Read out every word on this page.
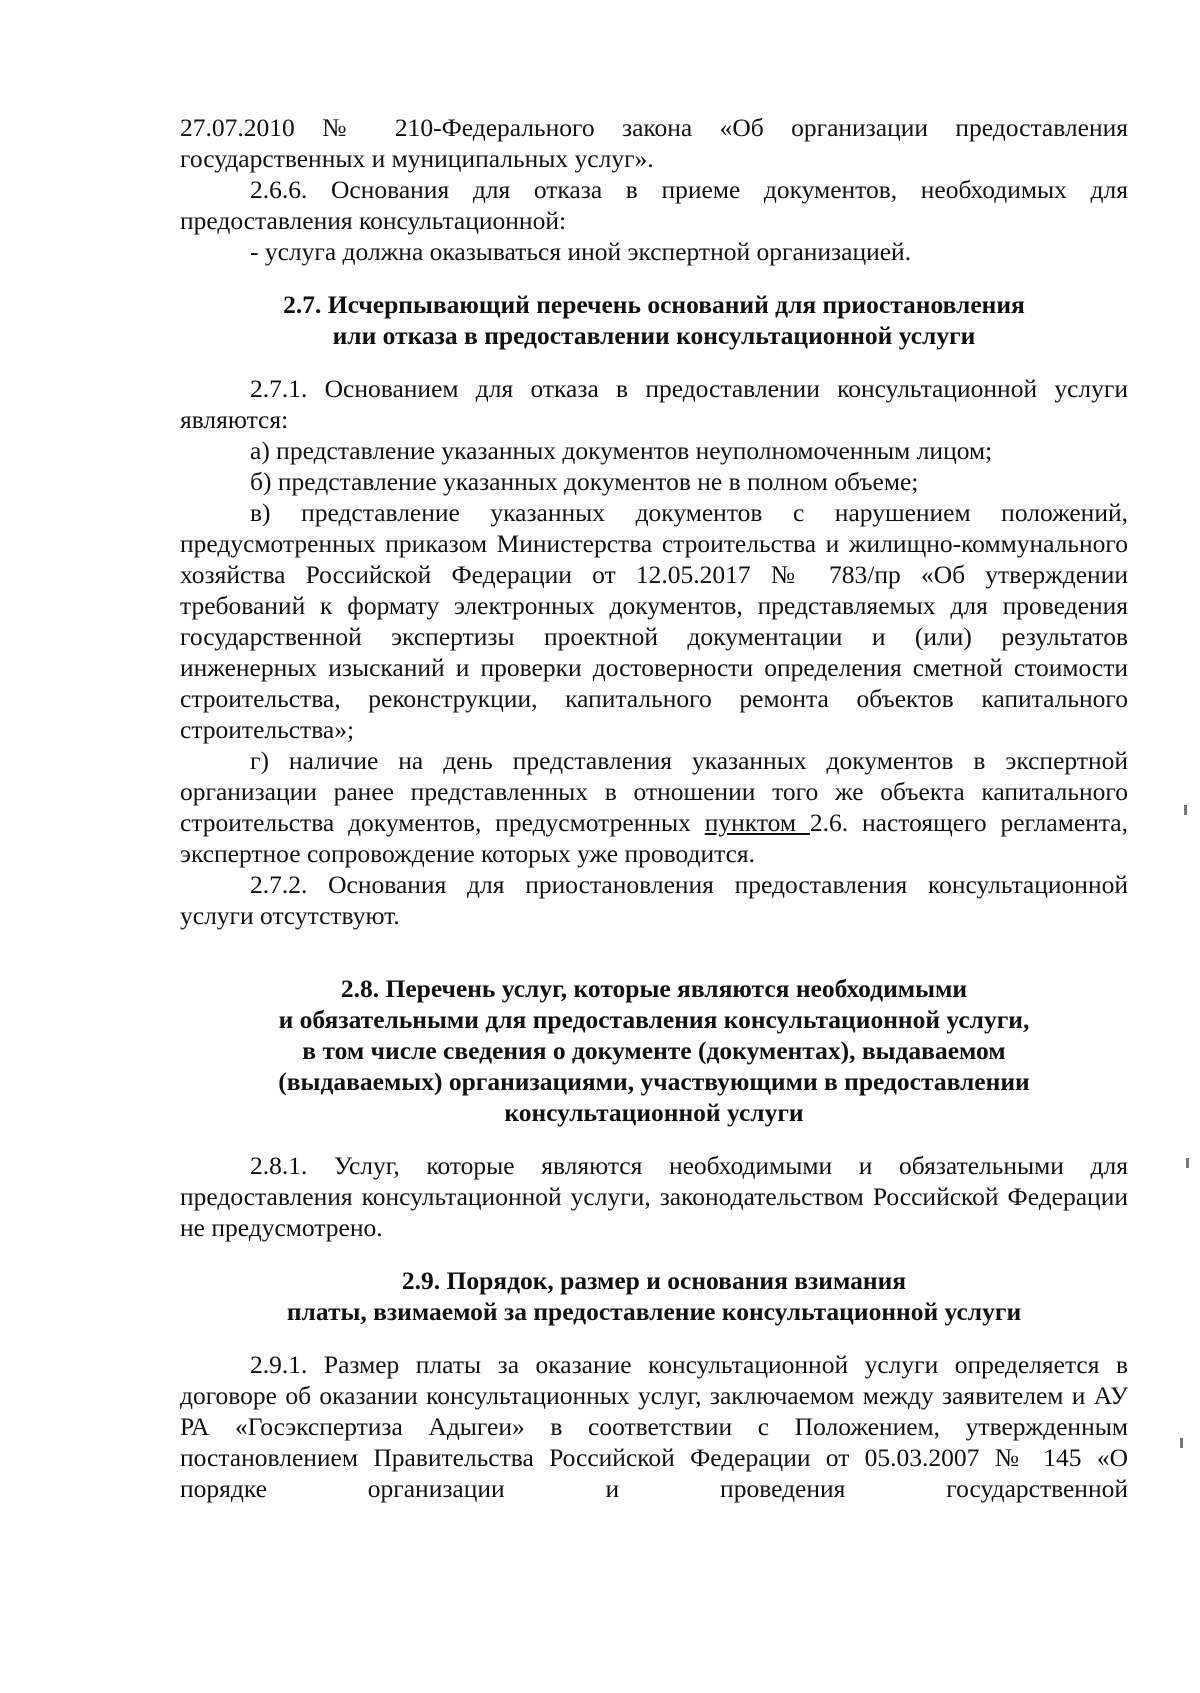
27.07.2010 № 210-Федерального закона «Об организации предоставления государственных и муниципальных услуг».

2.6.6. Основания для отказа в приеме документов, необходимых для предоставления консультационной:

- услуга должна оказываться иной экспертной организацией.

2.7. Исчерпывающий перечень оснований для приостановления
или отказа в предоставлении консультационной услуги

2.7.1. Основанием для отказа в предоставлении консультационной услуги являются:

а) представление указанных документов неуполномоченным лицом;

б) представление указанных документов не в полном объеме;

в) представление указанных документов с нарушением положений, предусмотренных приказом Министерства строительства и жилищно-коммунального хозяйства Российской Федерации от 12.05.2017 № 783/пр «Об утверждении требований к формату электронных документов, представляемых для проведения государственной экспертизы проектной документации и (или) результатов инженерных изысканий и проверки достоверности определения сметной стоимости строительства, реконструкции, капитального ремонта объектов капитального строительства»;

г) наличие на день представления указанных документов в экспертной организации ранее представленных в отношении того же объекта капитального строительства документов, предусмотренных пунктом 2.6. настоящего регламента, экспертное сопровождение которых уже проводится.

2.7.2. Основания для приостановления предоставления консультационной услуги отсутствуют.

2.8. Перечень услуг, которые являются необходимыми
и обязательными для предоставления консультационной услуги,
в том числе сведения о документе (документах), выдаваемом
(выдаваемых) организациями, участвующими в предоставлении
консультационной услуги

2.8.1. Услуг, которые являются необходимыми и обязательными для предоставления консультационной услуги, законодательством Российской Федерации не предусмотрено.

2.9. Порядок, размер и основания взимания
платы, взимаемой за предоставление консультационной услуги

2.9.1. Размер платы за оказание консультационной услуги определяется в договоре об оказании консультационных услуг, заключаемом между заявителем и АУ РА «Госэкспертиза Адыгеи» в соответствии с Положением, утвержденным постановлением Правительства Российской Федерации от 05.03.2007 № 145 «О порядке организации и проведения государственной
